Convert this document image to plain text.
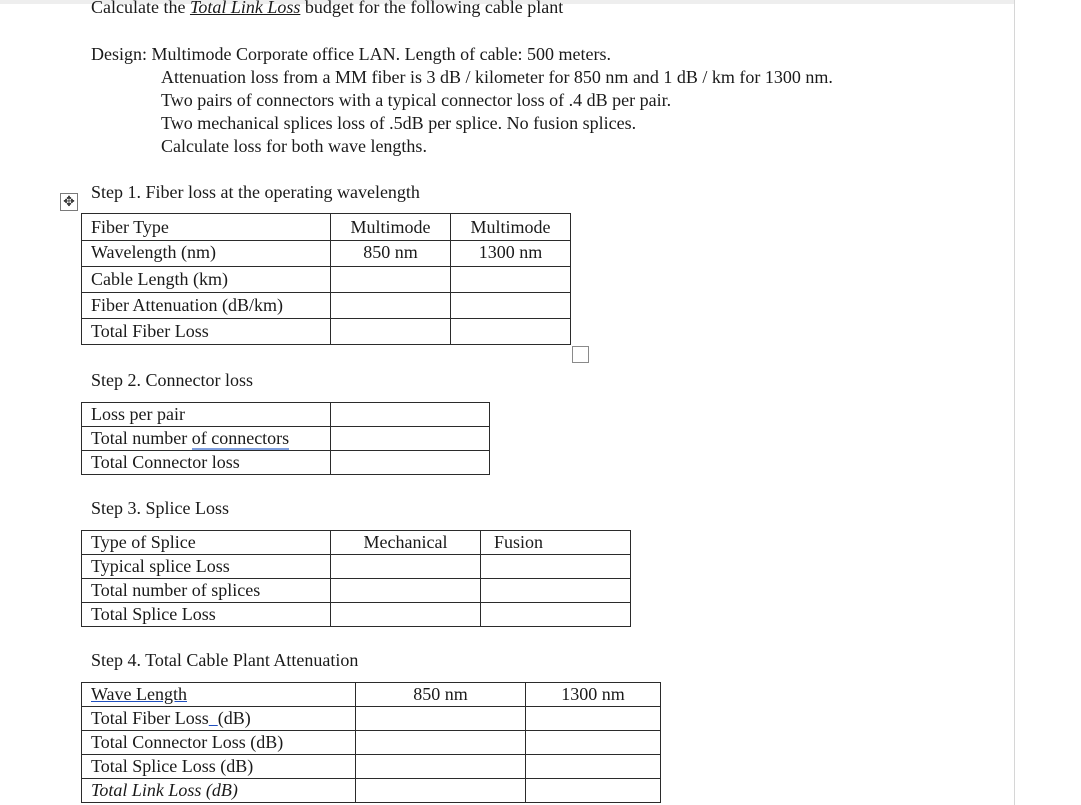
Calculate the Total Link Loss budget for the following cable plant
Design: Multimode Corporate office LAN. Length of cable: 500 meters.
Attenuation loss from a MM fiber is 3 dB / kilometer for 850 nm and 1 dB / km for 1300 nm.
Two pairs of connectors with a typical connector loss of .4 dB per pair.
Two mechanical splices loss of .5dB per splice. No fusion splices.
Calculate loss for both wave lengths.
✥ Step 1. Fiber loss at the operating wavelength
Fiber Type	Multimode	Multimode
Wavelength (nm)	850 nm	1300 nm
Cable Length (km)		
Fiber Attenuation (dB/km)		
Total Fiber Loss		
Step 2. Connector loss
Loss per pair	
Total number of connectors	
Total Connector loss	
Step 3. Splice Loss
Type of Splice	Mechanical	Fusion
Typical splice Loss		
Total number of splices		
Total Splice Loss		
Step 4. Total Cable Plant Attenuation
Wave Length	850 nm	1300 nm
Total Fiber Loss (dB)		
Total Connector Loss (dB)		
Total Splice Loss (dB)		
Total Link Loss (dB)		
